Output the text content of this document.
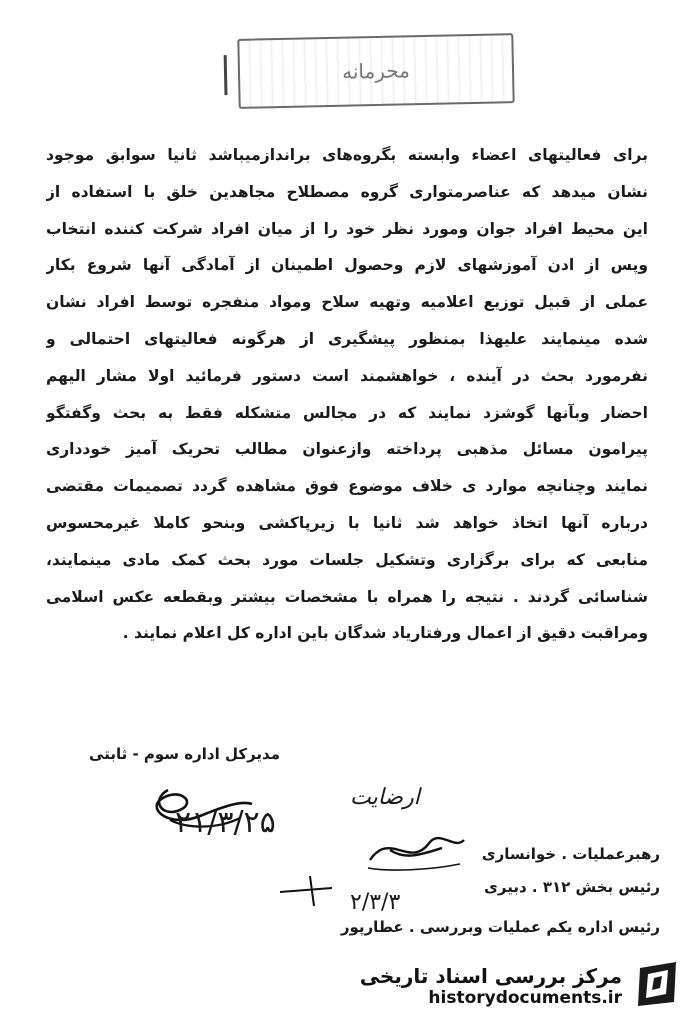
محرمانه
برای فعالیتهای اعضاء وابسته بگروه‌های براندازمیباشد ثانیا سوابق موجود
نشان میدهد که عناصرمتواری گروه مصطلاح مجاهدین خلق با استفاده از
این محیط افراد جوان ومورد نظر خود را از میان افراد شرکت کننده انتخاب
وپس از ادن آموزشهای لازم وحصول اطمینان از آمادگی آنها شروع بکار
عملی از قبیل توزیع اعلامیه وتهیه سلاح ومواد منفجره توسط افراد نشان
شده مینمایند علیهذا بمنظور پیشگیری از هرگونه فعالیتهای احتمالی و
نفرمورد بحث در آینده ، خواهشمند است دستور فرمائید اولا مشار الیهم
احضار وبآنها گوشزد نمایند که در مجالس متشکله فقط به بحث وگفتگو
پیرامون مسائل مذهبی پرداخته وازعنوان مطالب تحریک آمیز خودداری
نمایند وچنانچه موارد ی خلاف موضوع فوق مشاهده گردد تصمیمات مقتضی
درباره آنها اتخاذ خواهد شد ثانیا با زیرپاکشی وبنحو کاملا غیرمحسوس
منابعی که برای برگزاری وتشکیل جلسات مورد بحث کمک مادی مینمایند،
شناسائی گردند . نتیجه را همراه با مشخصات بیشتر وبقطعه عکس اسلامی
ومراقبت دقیق از اعمال ورفتاریاد شدگان باین اداره کل اعلام نمایند .
مدیرکل اداره سوم - ثابتی
ارضایت
۲۱/۳/۲۵
رهبرعملیات . خوانساری
رئیس بخش ۳۱۲ . دبیری
۲/۳/۳
رئیس اداره یکم عملیات وبررسی . عطارپور
مرکز بررسی اسناد تاریخی
historydocuments.ir
